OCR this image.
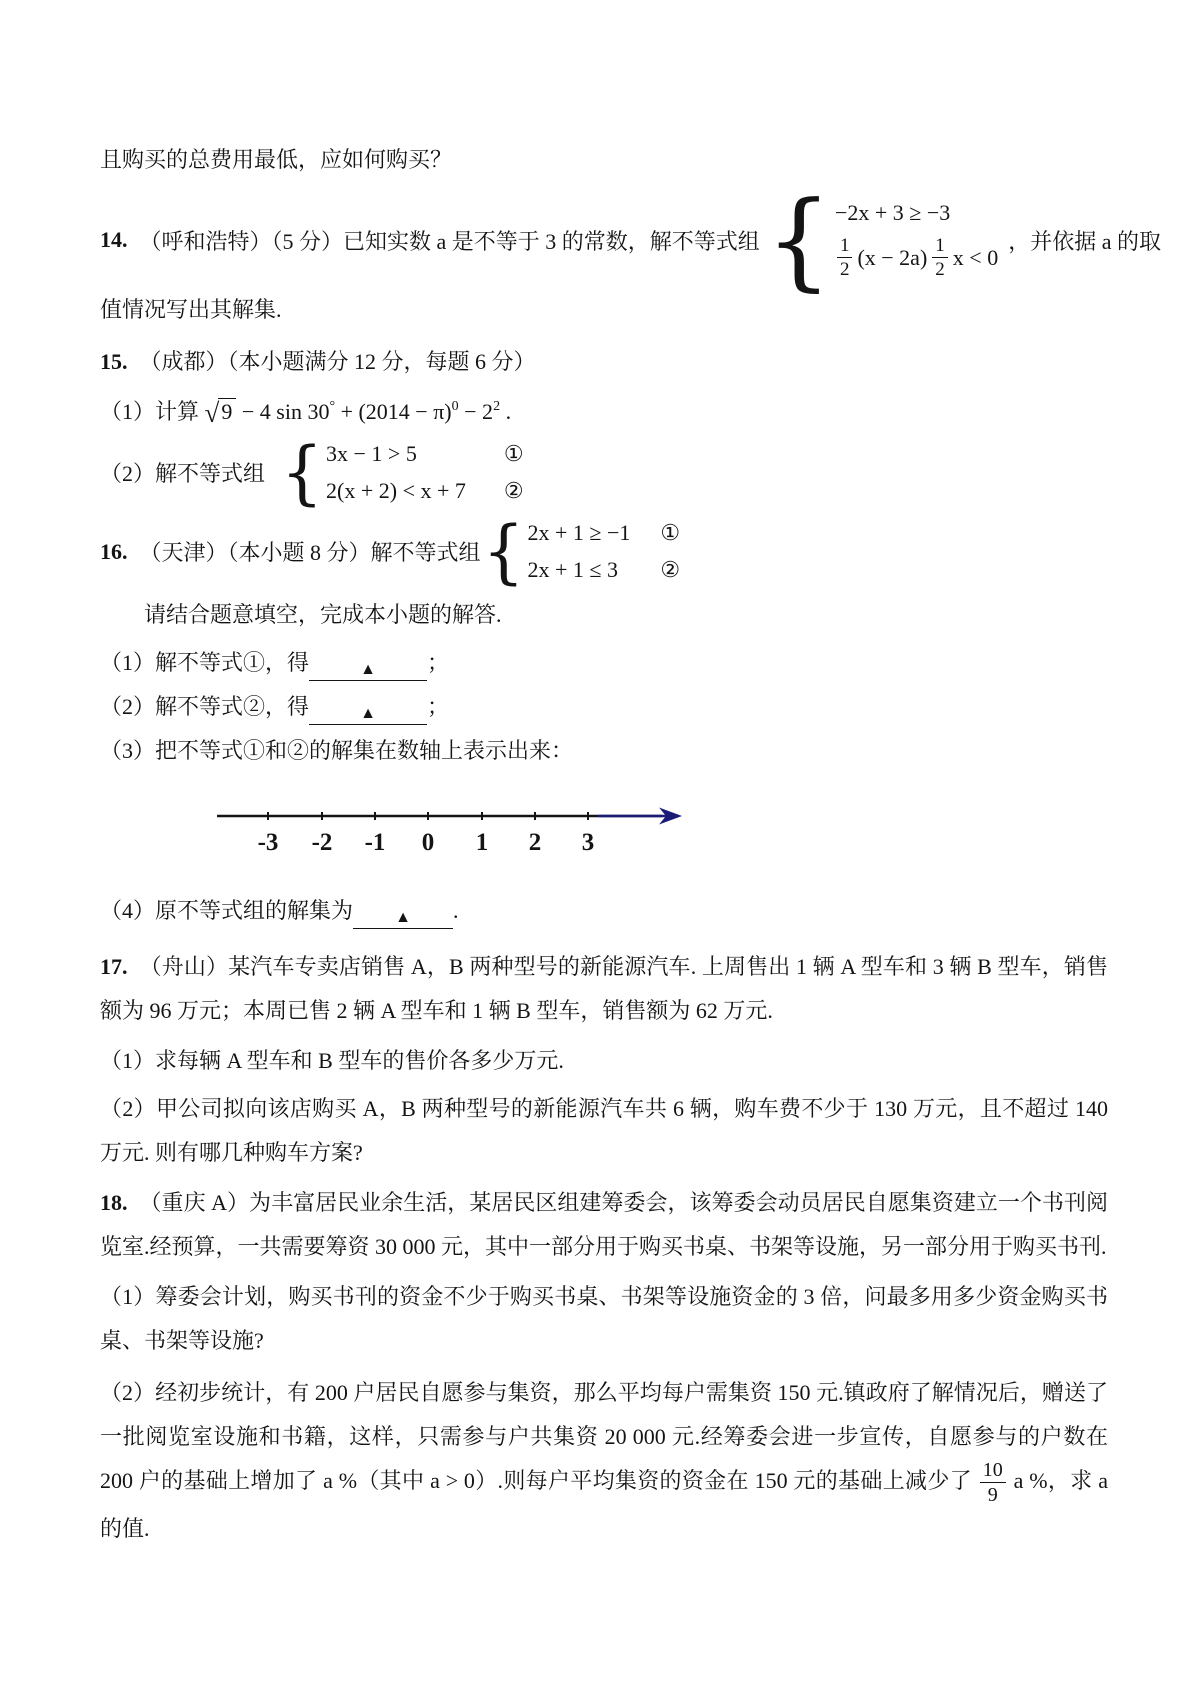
且购买的总费用最低，应如何购买？

14. （呼和浩特）（5 分）已知实数 a 是不等于 3 的常数，解不等式组 { −2x + 3 ≥ −3
$\frac{1}{2} (x - 2a) \frac{1}{2}$ x < 0
，并依据 a 的取

值情况写出其解集.

15. （成都）（本小题满分 12 分，每题 6 分）

（1）计算 √9 − 4 $\sin 30^\circ + (2014 - \pi)^0 - 2^2$ .

（2）解不等式组 { 3x − 1 > 5	①
2(x + 2) < x + 7 ②
16. （天津）（本小题 8 分）解不等式组 { 2x + 1 ≥ −1 ①
2x + 1 ≤ 3	②

请结合题意填空，完成本小题的解答.

（1）解不等式①，得	▲ ；

（2）解不等式②，得	▲ ；

（3）把不等式①和②的解集在数轴上表示出来：

-3 -2 -1 0 1 2 3

（4）原不等式组的解集为	▲ .

17. （舟山）某汽车专卖店销售 A，B 两种型号的新能源汽车. 上周售出 1 辆 A 型车和 3 辆 B 型车，销售额为 96 万元；本周已售 2 辆 A 型车和 1 辆 B 型车，销售额为 62 万元.

（1）求每辆 A 型车和 B 型车的售价各多少万元.

（2）甲公司拟向该店购买 A，B 两种型号的新能源汽车共 6 辆，购车费不少于 130 万元，且不超过 140 万元. 则有哪几种购车方案?

18. （重庆 A）为丰富居民业余生活，某居民区组建筹委会，该筹委会动员居民自愿集资建立一个书刊阅览室.经预算，一共需要筹资 30 000 元，其中一部分用于购买书桌、书架等设施，另一部分用于购买书刊.

（1）筹委会计划，购买书刊的资金不少于购买书桌、书架等设施资金的 3 倍，问最多用多少资金购买书桌、书架等设施?

（2）经初步统计，有 200 户居民自愿参与集资，那么平均每户需集资 150 元.镇政府了解情况后，赠送了一批阅览室设施和书籍，这样，只需参与户共集资 20 000 元.经筹委会进一步宣传，自愿参与的户数在 200 户的基础上增加了 a %（其中 a > 0）.则每户平均集资的资金在 150 元的基础上减少了 $\frac{10}{9}$ a %，求 a 的值.
